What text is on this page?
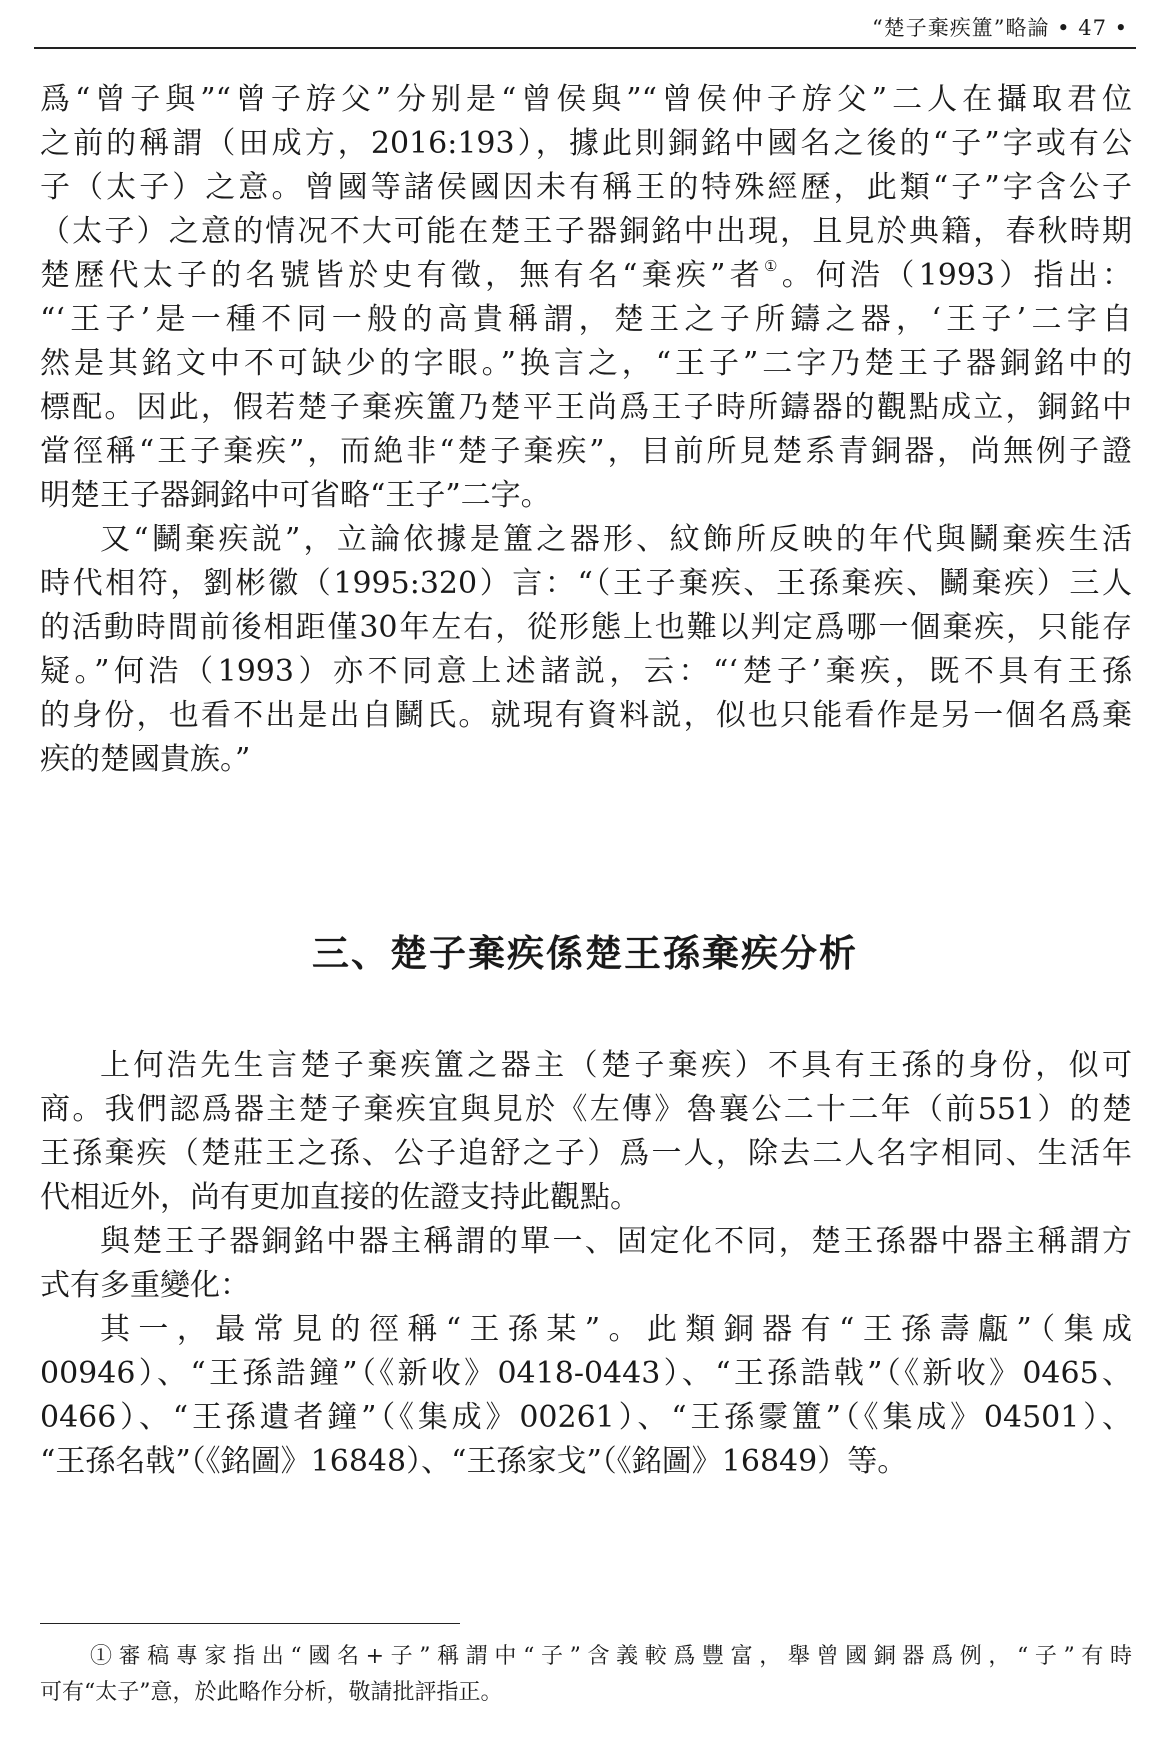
“楚子棄疾簠”略論 • 47 •
爲“曾子與”“曾子斿父”分别是“曾侯與”“曾侯仲子斿父”二人在攝取君位
之前的稱謂（田成方，2016:193），據此則銅銘中國名之後的“子”字或有公
子（太子）之意。曾國等諸侯國因未有稱王的特殊經歷，此類“子”字含公子
（太子）之意的情况不大可能在楚王子器銅銘中出現，且見於典籍，春秋時期
楚歷代太子的名號皆於史有徵，無有名“棄疾”者①。何浩（1993）指出：
“‘王子’是一種不同一般的高貴稱謂，楚王之子所鑄之器，‘王子’二字自
然是其銘文中不可缺少的字眼。”换言之，“王子”二字乃楚王子器銅銘中的
標配。因此，假若楚子棄疾簠乃楚平王尚爲王子時所鑄器的觀點成立，銅銘中
當徑稱“王子棄疾”，而絶非“楚子棄疾”，目前所見楚系青銅器，尚無例子證
明楚王子器銅銘中可省略“王子”二字。
又“鬭棄疾説”，立論依據是簠之器形、紋飾所反映的年代與鬭棄疾生活
時代相符，劉彬徽（1995:320）言：“（王子棄疾、王孫棄疾、鬭棄疾）三人
的活動時間前後相距僅30年左右，從形態上也難以判定爲哪一個棄疾，只能存
疑。”何浩（1993）亦不同意上述諸説，云：“‘楚子’棄疾，既不具有王孫
的身份，也看不出是出自鬭氏。就現有資料説，似也只能看作是另一個名爲棄
疾的楚國貴族。”
三、楚子棄疾係楚王孫棄疾分析
上何浩先生言楚子棄疾簠之器主（楚子棄疾）不具有王孫的身份，似可
商。我們認爲器主楚子棄疾宜與見於《左傳》魯襄公二十二年（前551）的楚
王孫棄疾（楚莊王之孫、公子追舒之子）爲一人，除去二人名字相同、生活年
代相近外，尚有更加直接的佐證支持此觀點。
與楚王子器銅銘中器主稱謂的單一、固定化不同，楚王孫器中器主稱謂方
式有多重變化：
其一，最常見的徑稱“王孫某”。此類銅器有“王孫壽甗”（集成
00946）、“王孫誥鐘”（《新收》0418-0443）、“王孫誥戟”（《新收》0465、
0466）、“王孫遺者鐘”（《集成》00261）、“王孫霥簠”（《集成》04501）、
“王孫名戟”（《銘圖》16848）、“王孫家戈”（《銘圖》16849）等。
①審稿專家指出“國名+子”稱謂中“子”含義較爲豐富，舉曾國銅器爲例，“子”有時
可有“太子”意，於此略作分析，敬請批評指正。
